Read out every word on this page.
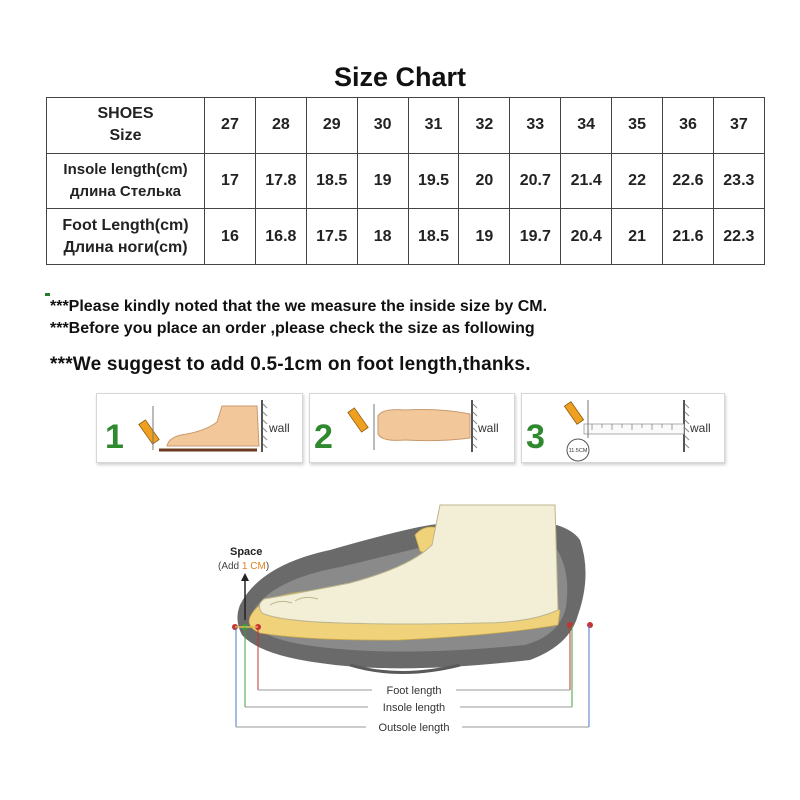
Size Chart
SHOES
Size	27	28	29	30	31	32	33	34	35	36	37

Insole length(cm)
длина Стелька	17	17.8	18.5	19	19.5	20	20.7	21.4	22	22.6	23.3

Foot Length(cm)
Длина ноги(cm)	16	16.8	17.5	18	18.5	19	19.7	20.4	21	21.6	22.3
***Please kindly noted that the we measure the inside size by CM.
***Before you place an order ,please check the size as following
***We suggest to add 0.5-1cm on foot length,thanks.
1	wall 2	wall 3	11.5CM
wall
Space
(Add 1 CM)
Foot length
Insole length
Outsole length
